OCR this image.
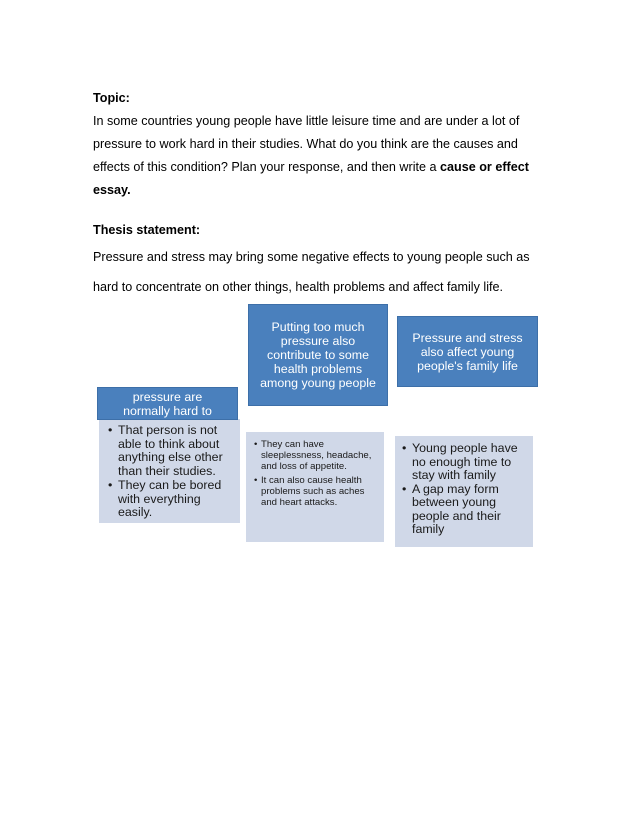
Topic:
In some countries young people have little leisure time and are under a lot of
pressure to work hard in their studies. What do you think are the causes and
effects of this condition? Plan your response, and then write a cause or effect
essay.
Thesis statement:
Pressure and stress may bring some negative effects to young people such as
hard to concentrate on other things, health problems and affect family life.
• That person is not
able to think about
anything else other
than their studies.
• They can be bored
with everything
easily.
pressure are
normally hard to
Putting too much
pressure also
contribute to some
health problems
among young people
• They can have
sleeplessness, headache,
and loss of appetite.
• It can also cause health
problems such as aches
and heart attacks.
Pressure and stress
also affect young
people's family life
• Young people have
no enough time to
stay with family
• A gap may form
between young
people and their
family
